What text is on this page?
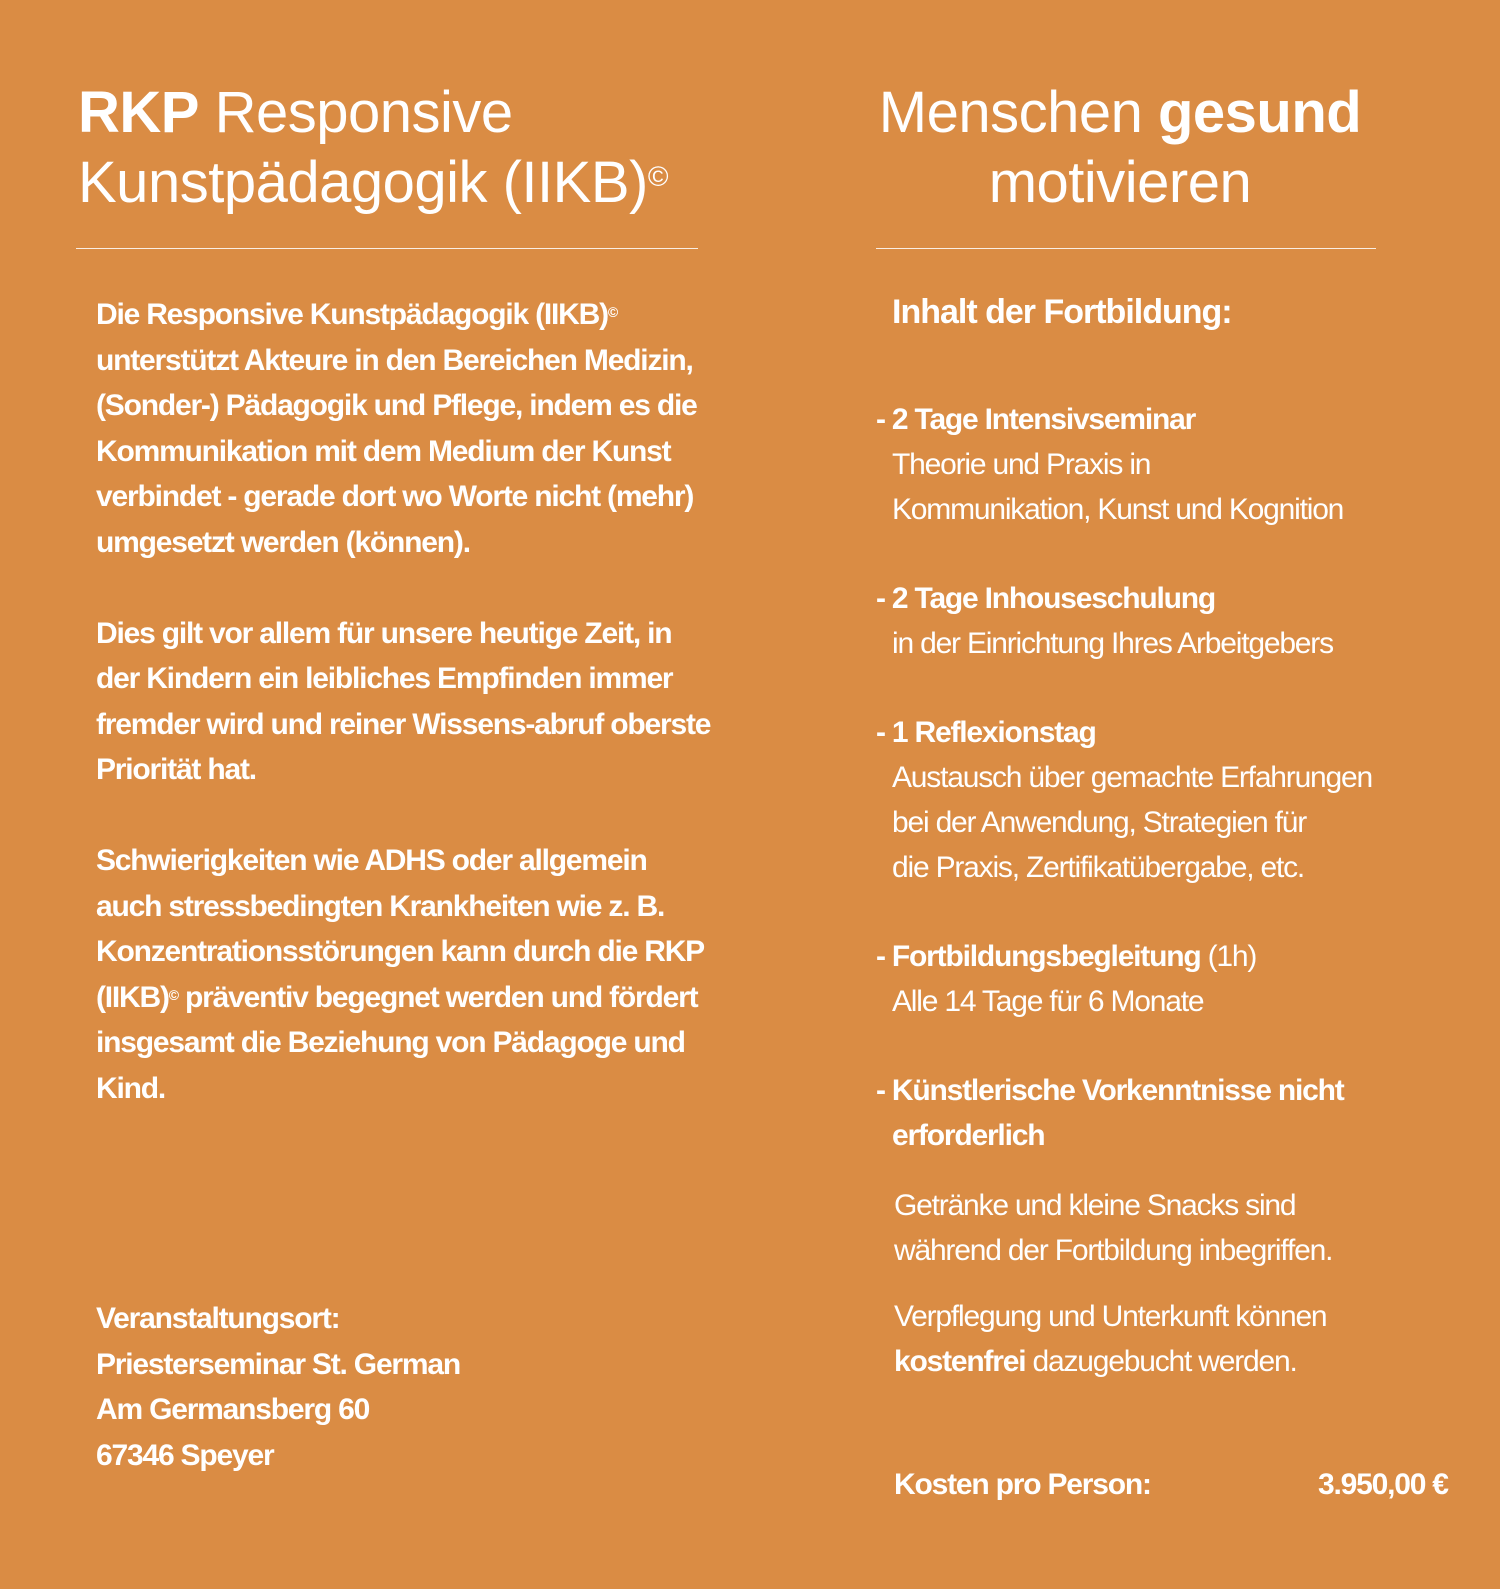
RKP Responsive
Kunstpädagogik (IIKB)©
Menschen gesund
motivieren

Die Responsive Kunstpädagogik (IIKB)© unterstützt Akteure in den Bereichen Medizin, (Sonder-) Pädagogik und Pflege, indem es die Kommunikation mit dem Medium der Kunst verbindet - gerade dort wo Worte nicht (mehr) umgesetzt werden (können).

Dies gilt vor allem für unsere heutige Zeit, in der Kindern ein leibliches Empfinden immer fremder wird und reiner Wissens-abruf oberste Priorität hat.

Schwierigkeiten wie ADHS oder allgemein auch stressbedingten Krankheiten wie z. B. Konzentrationsstörungen kann durch die RKP (IIKB)© präventiv begegnet werden und fördert insgesamt die Beziehung von Pädagoge und Kind.

Veranstaltungsort:
Priesterseminar St. German
Am Germansberg 60
67346 Speyer
Inhalt der Fortbildung:
- 2 Tage Intensivseminar
Theorie und Praxis in
Kommunikation, Kunst und Kognition
- 2 Tage Inhouseschulung
in der Einrichtung Ihres Arbeitgebers
- 1 Reflexionstag
Austausch über gemachte Erfahrungen
bei der Anwendung, Strategien für
die Praxis, Zertifikatübergabe, etc.
- Fortbildungsbegleitung (1h)
Alle 14 Tage für 6 Monate
- Künstlerische Vorkenntnisse nicht
erforderlich
Getränke und kleine Snacks sind
während der Fortbildung inbegriffen.
Verpflegung und Unterkunft können
kostenfrei dazugebucht werden.
Kosten pro Person:	3.950,00 €
